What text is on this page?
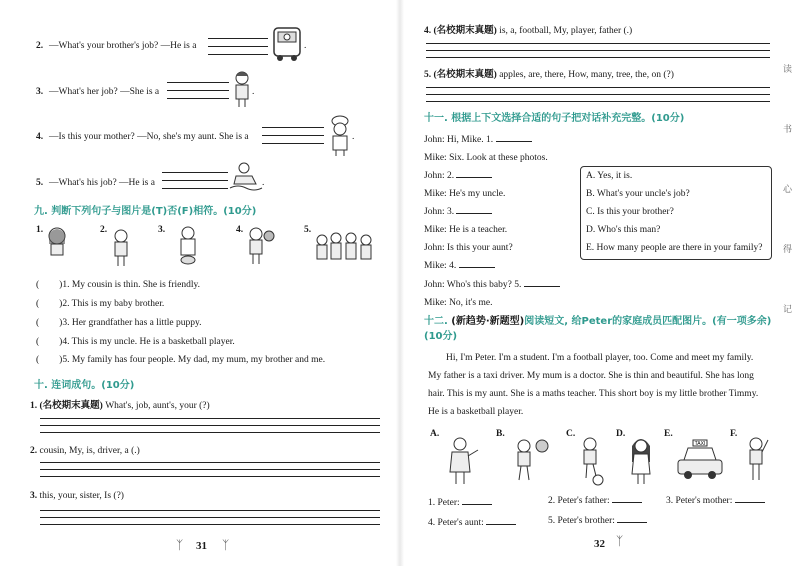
2. —What's your brother's job? —He is a	.
3. —What's her job? —She is a	.
4. —Is this your mother? —No, she's my aunt. She is a	.
5. —What's his job? —He is a	.
九. 判断下列句子与图片是(T)否(F)相符。(10分)
1.	2.	3.	4.	5.
( )1. My cousin is thin. She is friendly.
( )2. This is my baby brother.
( )3. Her grandfather has a little puppy.
( )4. This is my uncle. He is a basketball player.
( )5. My family has four people. My dad, my mum, my brother and me.
十. 连词成句。(10分)
1. (名校期末真题) What's, job, aunt's, your (?)
2. cousin, My, is, driver, a (.)
3. this, your, sister, Is (?)
ᛉ 31 ᛉ
4. (名校期末真题) is, a, football, My, player, father (.)
5. (名校期末真题) apples, are, there, How, many, tree, the, on (?)
十一. 根据上下文选择合适的句子把对话补充完整。(10分)
John: Hi, Mike. 1.
Mike: Six. Look at these photos.
John: 2.
Mike: He's my uncle.
John: 3.
Mike: He is a teacher.
John: Is this your aunt?
Mike: 4.
John: Who's this baby? 5.
Mike: No, it's me.
A. Yes, it is.
B. What's your uncle's job?
C. Is this your brother?
D. Who's this man?
E. How many people are there in your family?
十二. (新趋势·新题型)阅读短文, 给Peter的家庭成员匹配图片。(有一项多余)
(10分)
Hi, I'm Peter. I'm a student. I'm a football player, too. Come and meet my family.
My father is a taxi driver. My mum is a doctor. She is thin and beautiful. She has long
hair. This is my aunt. She is a maths teacher. This short boy is my little brother Timmy.
He is a basketball player.
A.	B.	C.	D.	E.	F.
TAXI
1. Peter:	2. Peter's father:	3. Peter's mother:
4. Peter's aunt:	5. Peter's brother:
32 ᛉ
读
书
心
得
记
